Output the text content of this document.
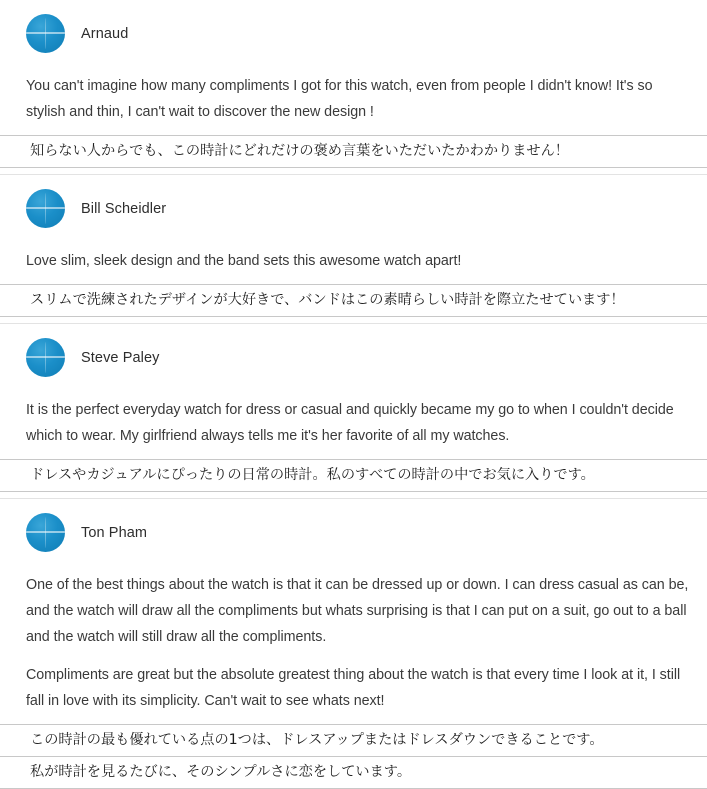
Arnaud

You can't imagine how many compliments I got for this watch, even from people I didn't know! It's so stylish and thin, I can't wait to discover the new design !

知らない人からでも、この時計にどれだけの褒め言葉をいただいたかわかりません！
Bill Scheidler

Love slim, sleek design and the band sets this awesome watch apart!

スリムで洗練されたデザインが大好きで、バンドはこの素晴らしい時計を際立たせています！
Steve Paley

It is the perfect everyday watch for dress or casual and quickly became my go to when I couldn't decide which to wear. My girlfriend always tells me it's her favorite of all my watches.

ドレスやカジュアルにぴったりの日常の時計。私のすべての時計の中でお気に入りです。
Ton Pham

One of the best things about the watch is that it can be dressed up or down. I can dress casual as can be, and the watch will draw all the compliments but whats surprising is that I can put on a suit, go out to a ball and the watch will still draw all the compliments.

Compliments are great but the absolute greatest thing about the watch is that every time I look at it, I still fall in love with its simplicity. Can't wait to see whats next!

この時計の最も優れている点の1つは、ドレスアップまたはドレスダウンできることです。
私が時計を見るたびに、そのシンプルさに恋をしています。
